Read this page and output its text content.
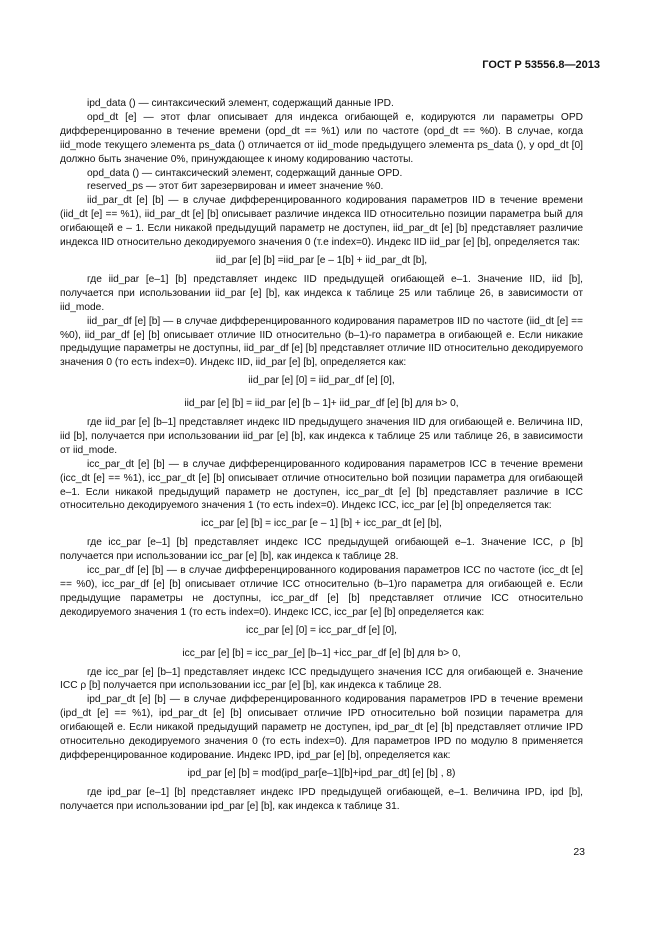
ГОСТ Р 53556.8—2013

ipd_data () — синтаксический элемент, содержащий данные IPD.

opd_dt [e] — этот флаг описывает для индекса огибающей e, кодируются ли параметры OPD дифференцированно в течение времени (opd_dt == %1) или по частоте (opd_dt == %0). В случае, когда iid_mode текущего элемента ps_data () отличается от iid_mode предыдущего элемента ps_data (), у opd_dt [0] должно быть значение 0%, принуждающее к иному кодированию частоты.

opd_data () — синтаксический элемент, содержащий данные OPD.

reserved_ps — этот бит зарезервирован и имеет значение %0.

iid_par_dt [e] [b] — в случае дифференцированного кодирования параметров IID в течение времени (iid_dt [e] == %1), iid_par_dt [e] [b] описывает различие индекса IID относительно позиции параметра bый для огибающей e – 1. Если никакой предыдущий параметр не доступен, iid_par_dt [e] [b] представляет различие индекса IID относительно декодируемого значения 0 (т.е index=0). Индекс IID iid_par [e] [b], определяется так:

iid_par [e] [b] =iid_par [e – 1[b] + iid_par_dt [b],

где iid_par [e–1] [b] представляет индекс IID предыдущей огибающей e–1. Значение IID, iid [b], получается при использовании iid_par [e] [b], как индекса к таблице 25 или таблице 26, в зависимости от iid_mode.

iid_par_df [e] [b] — в случае дифференцированного кодирования параметров IID по частоте (iid_dt [e] == %0), iid_par_df [e] [b] описывает отличие IID относительно (b–1)-го параметра в огибающей e. Если никакие предыдущие параметры не доступны, iid_par_df [e] [b] представляет отличие IID относительно декодируемого значения 0 (то есть index=0). Индекс IID, iid_par [e] [b], определяется как:

iid_par [e] [0] = iid_par_df [e] [0],

iid_par [e] [b] = iid_par [e] [b – 1]+ iid_par_df [e] [b] для b> 0,

где iid_par [e] [b–1] представляет индекс IID предыдущего значения IID для огибающей e. Величина IID, iid [b], получается при использовании iid_par [e] [b], как индекса к таблице 25 или таблице 26, в зависимости от iid_mode.

icc_par_dt [e] [b] — в случае дифференцированного кодирования параметров ICC в течение времени (icc_dt [e] == %1), icc_par_dt [e] [b] описывает отличие относительно bой позиции параметра для огибающей e–1. Если никакой предыдущий параметр не доступен, icc_par_dt [e] [b] представляет различие в ICC относительно декодируемого значения 1 (то есть index=0). Индекс ICC, icc_par [e] [b] определяется так:

icc_par [e] [b] = icc_par [e – 1] [b] + icc_par_dt [e] [b],

где icc_par [e–1] [b] представляет индекс ICC предыдущей огибающей e–1. Значение ICC, ρ [b] получается при использовании icc_par [e] [b], как индекса к таблице 28.

icc_par_df [e] [b] — в случае дифференцированного кодирования параметров ICC по частоте (icc_dt [e] == %0), icc_par_df [e] [b] описывает отличие ICC относительно (b–1)го параметра для огибающей e. Если предыдущие параметры не доступны, icc_par_df [e] [b] представляет отличие ICC относительно декодируемого значения 1 (то есть index=0). Индекс ICC, icc_par [e] [b] определяется как:

icc_par [e] [0] = icc_par_df [e] [0],

icc_par [e] [b] = icc_par_[e] [b–1] +icc_par_df [e] [b] для b> 0,

где icc_par [e] [b–1] представляет индекс ICC предыдущего значения ICC для огибающей e. Значение ICC ρ [b] получается при использовании icc_par [e] [b], как индекса к таблице 28.

ipd_par_dt [e] [b] — в случае дифференцированного кодирования параметров IPD в течение времени (ipd_dt [e] == %1), ipd_par_dt [e] [b] описывает отличие IPD относительно bой позиции параметра для огибающей e. Если никакой предыдущий параметр не доступен, ipd_par_dt [e] [b] представляет отличие IPD относительно декодируемого значения 0 (то есть index=0). Для параметров IPD по модулю 8 применяется дифференцированное кодирование. Индекс IPD, ipd_par [e] [b], определяется как:

ipd_par [e] [b] = mod(ipd_par[e–1][b]+ipd_par_dt] [e] [b] , 8)

где ipd_par [e–1] [b] представляет индекс IPD предыдущей огибающей, e–1. Величина IPD, ipd [b], получается при использовании ipd_par [e] [b], как индекса к таблице 31.

23
